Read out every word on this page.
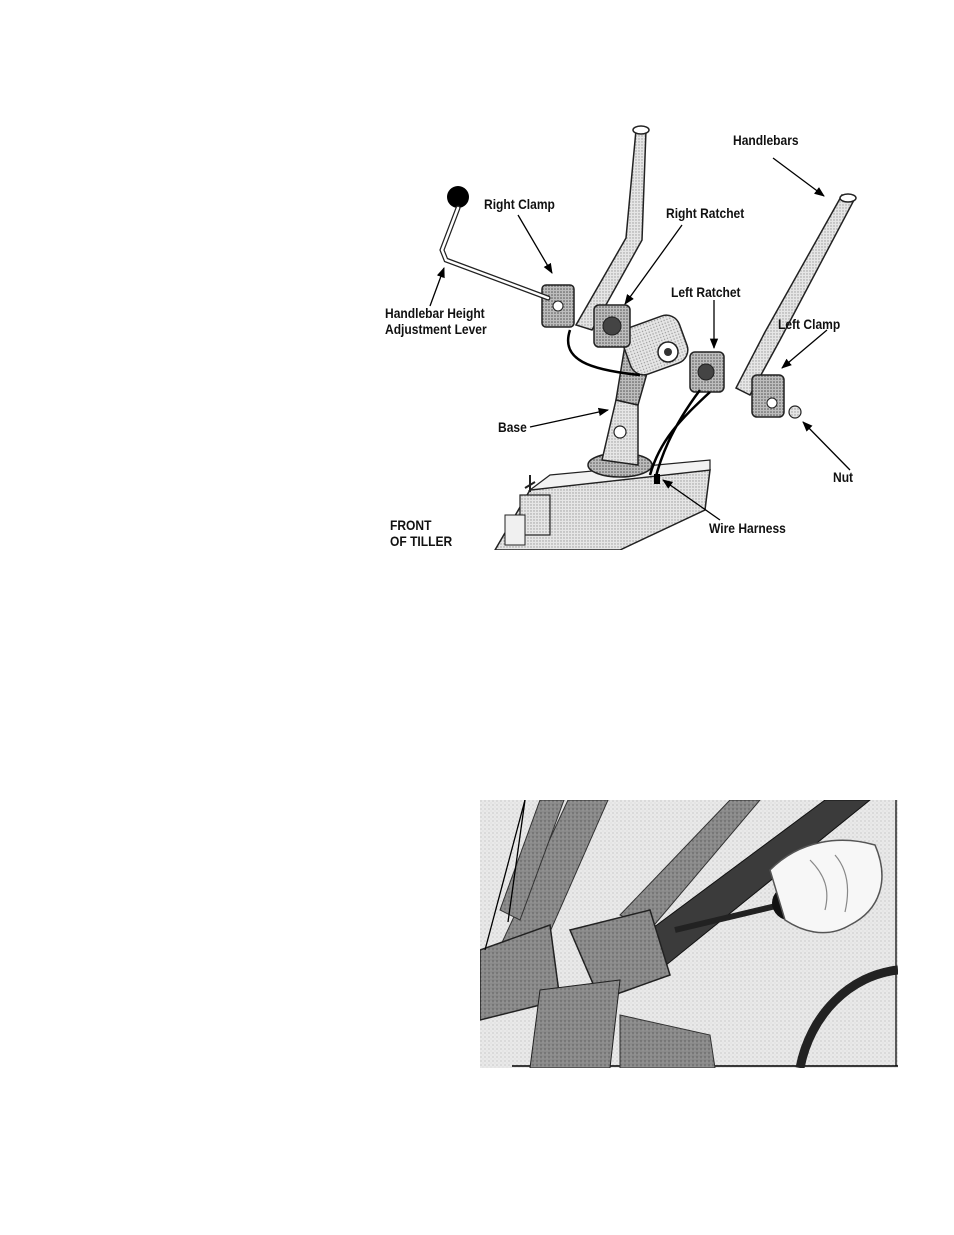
Handlebars
Right Clamp
Right Ratchet
Left Ratchet
Left Clamp
Handlebar Height
Adjustment Lever
Base
Nut
Wire Harness
FRONT
OF TILLER
